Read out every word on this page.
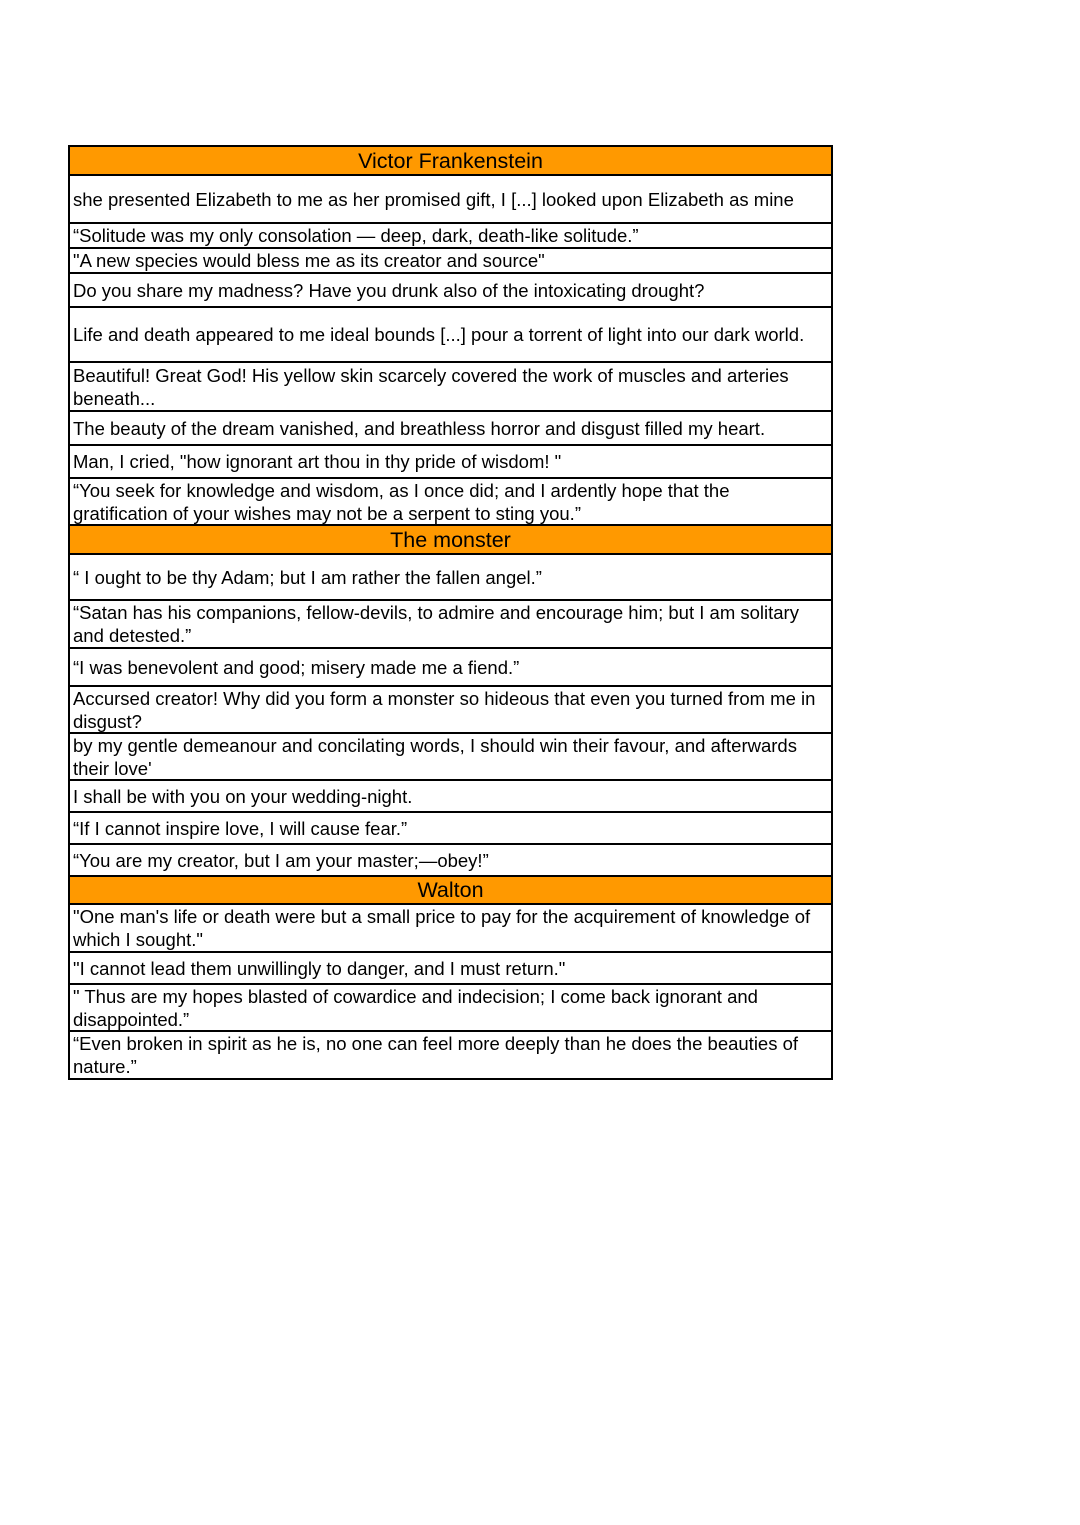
Victor Frankenstein
she presented Elizabeth to me as her promised gift, I [...] looked upon Elizabeth as mine
“Solitude was my only consolation — deep, dark, death-like solitude.”
"A new species would bless me as its creator and source"
Do you share my madness? Have you drunk also of the intoxicating drought?
Life and death appeared to me ideal bounds [...] pour a torrent of light into our dark world.
Beautiful! Great God! His yellow skin scarcely covered the work of muscles and arteries beneath...
The beauty of the dream vanished, and breathless horror and disgust filled my heart.
Man, I cried, "how ignorant art thou in thy pride of wisdom! "
“You seek for knowledge and wisdom, as I once did; and I ardently hope that the gratification of your wishes may not be a serpent to sting you.”
The monster
“ I ought to be thy Adam; but I am rather the fallen angel.”
“Satan has his companions, fellow-devils, to admire and encourage him; but I am solitary and detested.”
“I was benevolent and good; misery made me a fiend.”
Accursed creator! Why did you form a monster so hideous that even you turned from me in disgust?
by my gentle demeanour and concilating words, I should win their favour, and afterwards their love'
I shall be with you on your wedding-night.
“If I cannot inspire love, I will cause fear.”
“You are my creator, but I am your master;—obey!”
Walton
"One man's life or death were but a small price to pay for the acquirement of knowledge of which I sought."
"I cannot lead them unwillingly to danger, and I must return."
" Thus are my hopes blasted of cowardice and indecision; I come back ignorant and disappointed.”
“Even broken in spirit as he is, no one can feel more deeply than he does the beauties of nature.”
